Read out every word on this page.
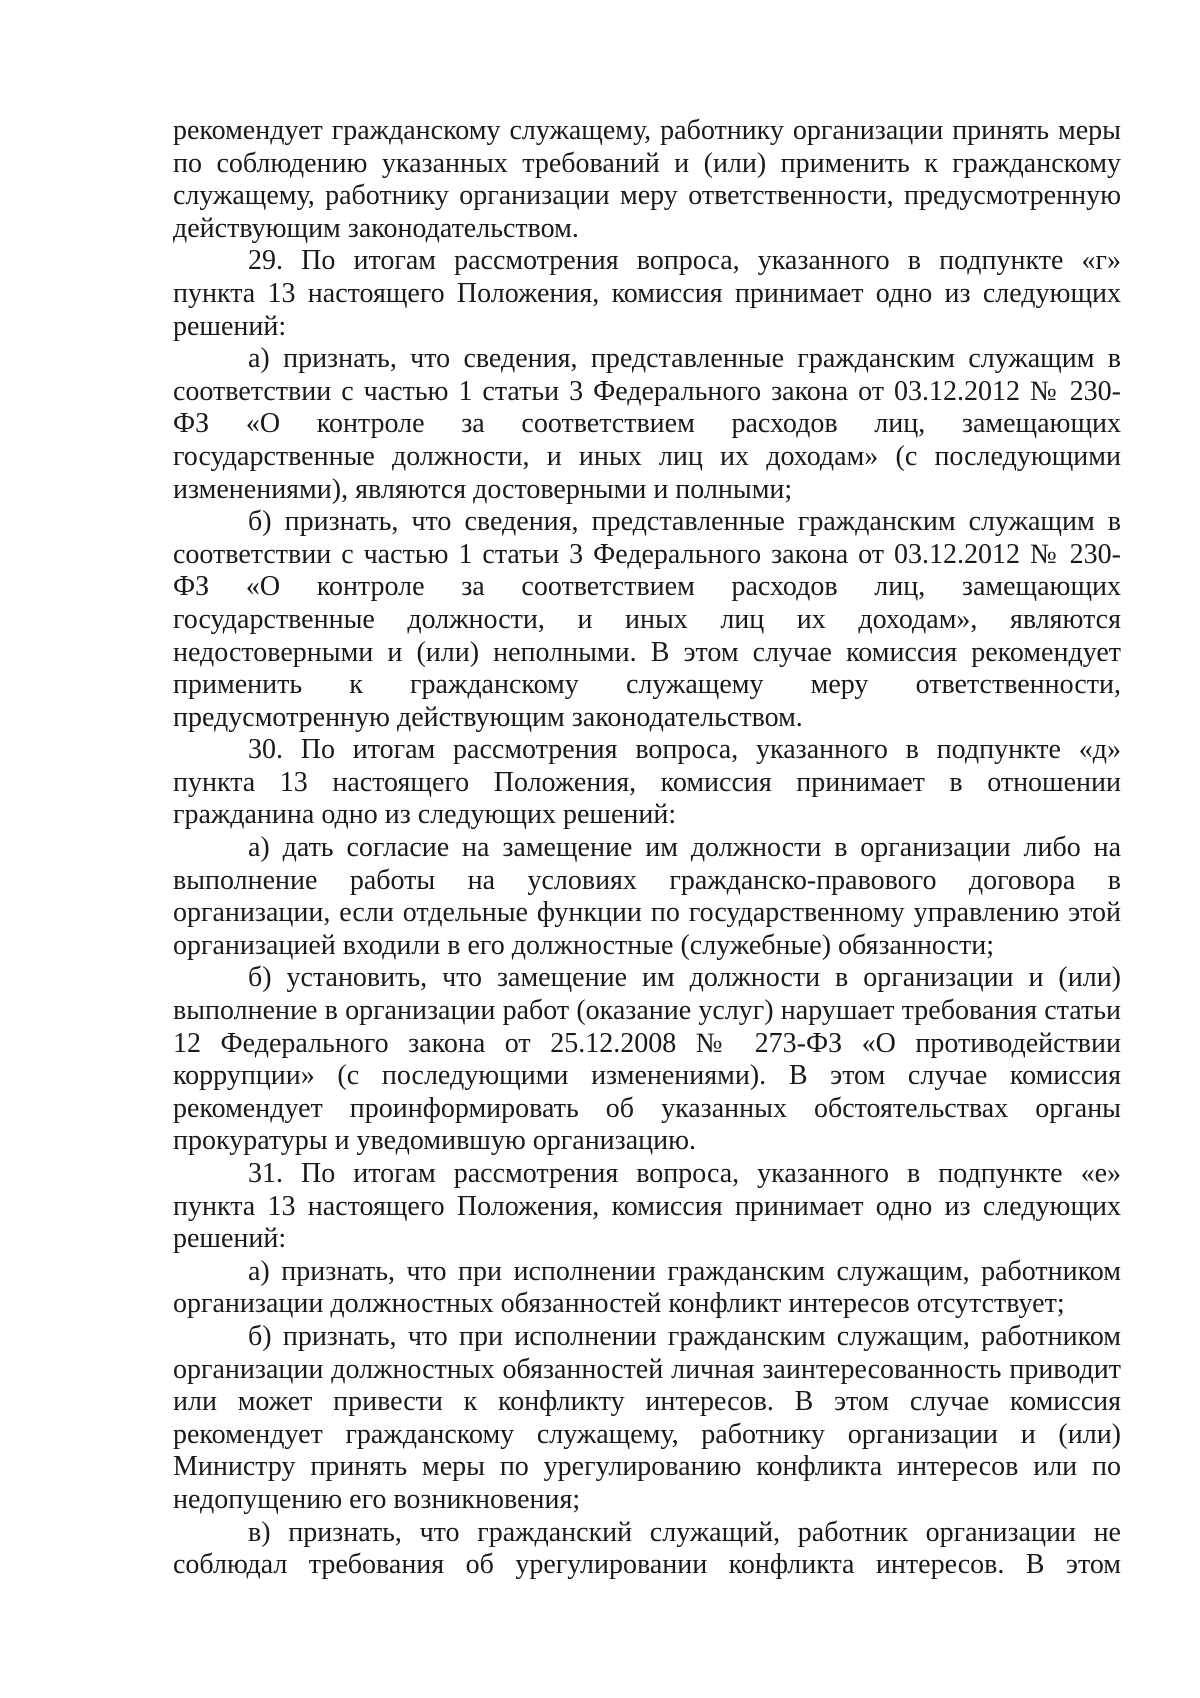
рекомендует гражданскому служащему, работнику организации принять меры по соблюдению указанных требований и (или) применить к гражданскому служащему, работнику организации меру ответственности, предусмотренную действующим законодательством.

29. По итогам рассмотрения вопроса, указанного в подпункте «г» пункта 13 настоящего Положения, комиссия принимает одно из следующих решений:

а) признать, что сведения, представленные гражданским служащим в соответствии с частью 1 статьи 3 Федерального закона от 03.12.2012 № 230-ФЗ «О контроле за соответствием расходов лиц, замещающих государственные должности, и иных лиц их доходам» (с последующими изменениями), являются достоверными и полными;

б) признать, что сведения, представленные гражданским служащим в соответствии с частью 1 статьи 3 Федерального закона от 03.12.2012 № 230-ФЗ «О контроле за соответствием расходов лиц, замещающих государственные должности, и иных лиц их доходам», являются недостоверными и (или) неполными. В этом случае комиссия рекомендует применить к гражданскому служащему меру ответственности, предусмотренную действующим законодательством.

30. По итогам рассмотрения вопроса, указанного в подпункте «д» пункта 13 настоящего Положения, комиссия принимает в отношении гражданина одно из следующих решений:

а) дать согласие на замещение им должности в организации либо на выполнение работы на условиях гражданско-правового договора в организации, если отдельные функции по государственному управлению этой организацией входили в его должностные (служебные) обязанности;

б) установить, что замещение им должности в организации и (или) выполнение в организации работ (оказание услуг) нарушает требования статьи 12 Федерального закона от 25.12.2008 № 273-ФЗ «О противодействии коррупции» (с последующими изменениями). В этом случае комиссия рекомендует проинформировать об указанных обстоятельствах органы прокуратуры и уведомившую организацию.

31. По итогам рассмотрения вопроса, указанного в подпункте «е» пункта 13 настоящего Положения, комиссия принимает одно из следующих решений:

а) признать, что при исполнении гражданским служащим, работником организации должностных обязанностей конфликт интересов отсутствует;

б) признать, что при исполнении гражданским служащим, работником организации должностных обязанностей личная заинтересованность приводит или может привести к конфликту интересов. В этом случае комиссия рекомендует гражданскому служащему, работнику организации и (или) Министру принять меры по урегулированию конфликта интересов или по недопущению его возникновения;

в) признать, что гражданский служащий, работник организации не соблюдал требования об урегулировании конфликта интересов. В этом
